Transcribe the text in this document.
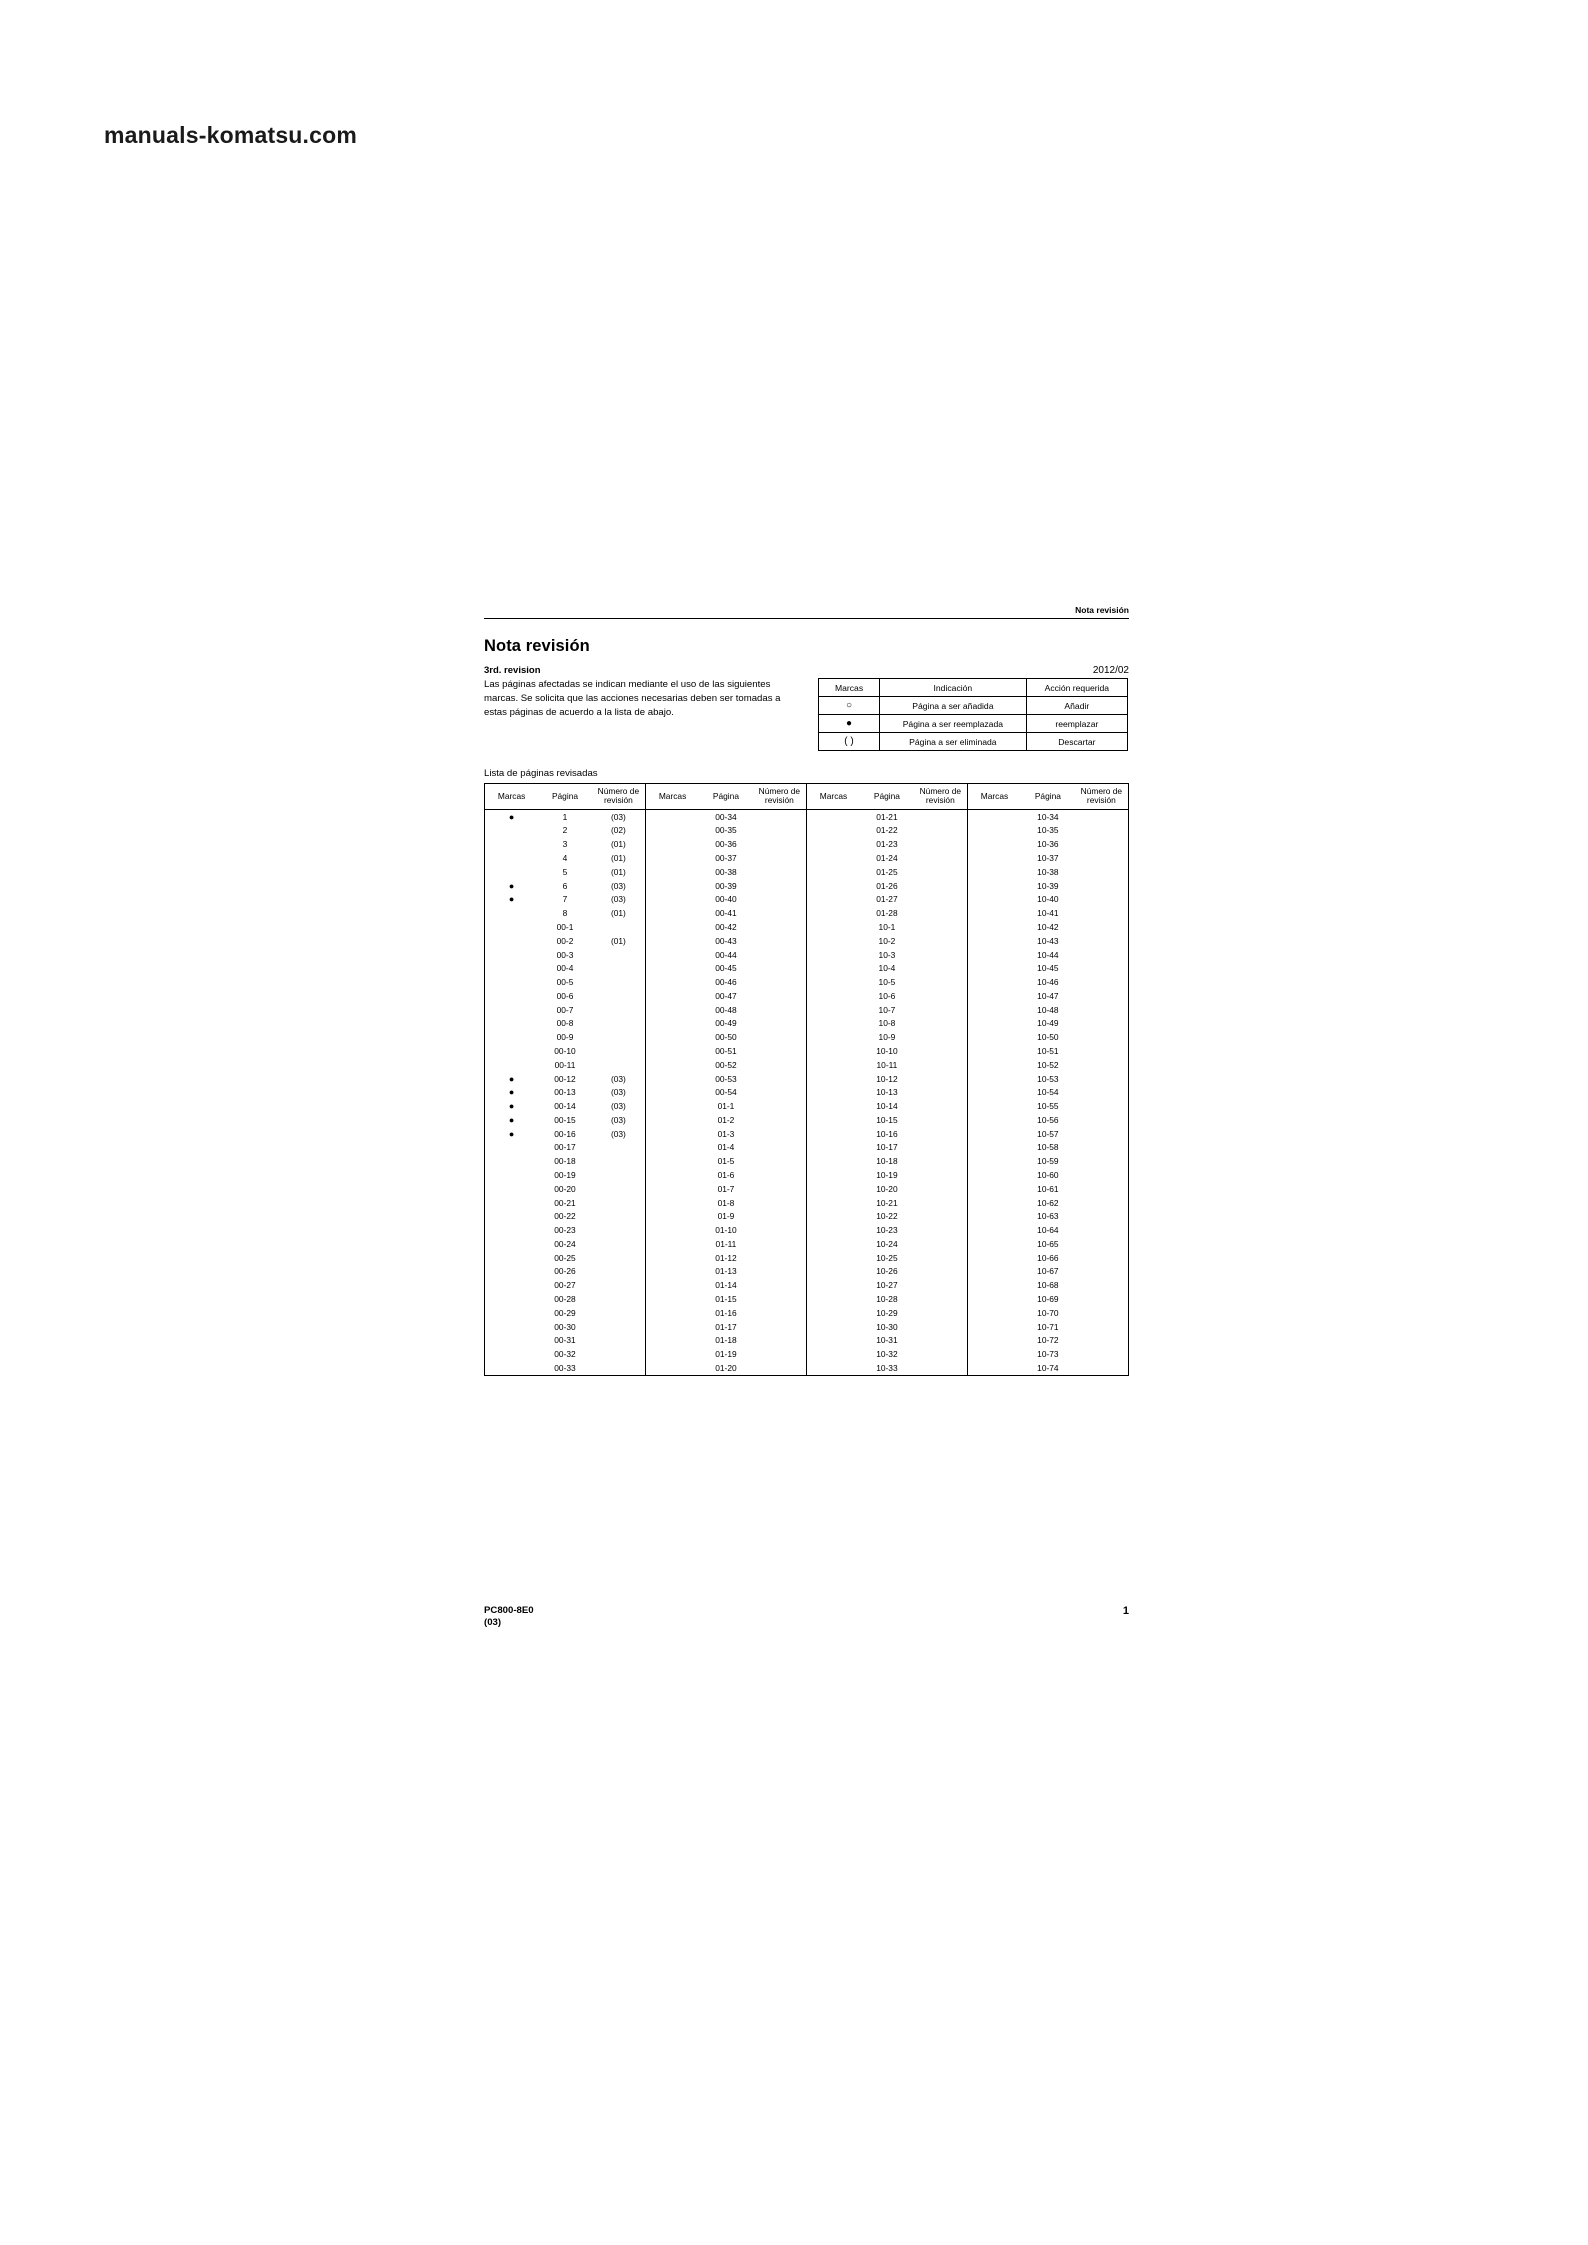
manuals-komatsu.com
Nota revisión
Nota revisión
3rd. revision	2012/02
Las páginas afectadas se indican mediante el uso de las siguientes marcas. Se solicita que las acciones necesarias deben ser tomadas a estas páginas de acuerdo a la lista de abajo.
Marcas	Indicación	Acción requerida
○	Página a ser añadida	Añadir
●	Página a ser reemplazada	reemplazar
( )	Página a ser eliminada	Descartar
Lista de páginas revisadas
Marcas	Página	Número de revisión	Marcas	Página	Número de revisión	Marcas	Página	Número de revisión	Marcas	Página	Número de revisión
●	1	(03)		00-34			01-21			10-34	
	2	(02)		00-35			01-22			10-35	
	3	(01)		00-36			01-23			10-36	
	4	(01)		00-37			01-24			10-37	
	5	(01)		00-38			01-25			10-38	
●	6	(03)		00-39			01-26			10-39	
●	7	(03)		00-40			01-27			10-40	
	8	(01)		00-41			01-28			10-41	
	00-1			00-42			10-1			10-42	
	00-2	(01)		00-43			10-2			10-43	
	00-3			00-44			10-3			10-44	
	00-4			00-45			10-4			10-45	
	00-5			00-46			10-5			10-46	
	00-6			00-47			10-6			10-47	
	00-7			00-48			10-7			10-48	
	00-8			00-49			10-8			10-49	
	00-9			00-50			10-9			10-50	
	00-10			00-51			10-10			10-51	
	00-11			00-52			10-11			10-52	
●	00-12	(03)		00-53			10-12			10-53	
●	00-13	(03)		00-54			10-13			10-54	
●	00-14	(03)		01-1			10-14			10-55	
●	00-15	(03)		01-2			10-15			10-56	
●	00-16	(03)		01-3			10-16			10-57	
	00-17			01-4			10-17			10-58	
	00-18			01-5			10-18			10-59	
	00-19			01-6			10-19			10-60	
	00-20			01-7			10-20			10-61	
	00-21			01-8			10-21			10-62	
	00-22			01-9			10-22			10-63	
	00-23			01-10			10-23			10-64	
	00-24			01-11			10-24			10-65	
	00-25			01-12			10-25			10-66	
	00-26			01-13			10-26			10-67	
	00-27			01-14			10-27			10-68	
	00-28			01-15			10-28			10-69	
	00-29			01-16			10-29			10-70	
	00-30			01-17			10-30			10-71	
	00-31			01-18			10-31			10-72	
	00-32			01-19			10-32			10-73	
	00-33			01-20			10-33			10-74	
PC800-8E0
(03)
1
